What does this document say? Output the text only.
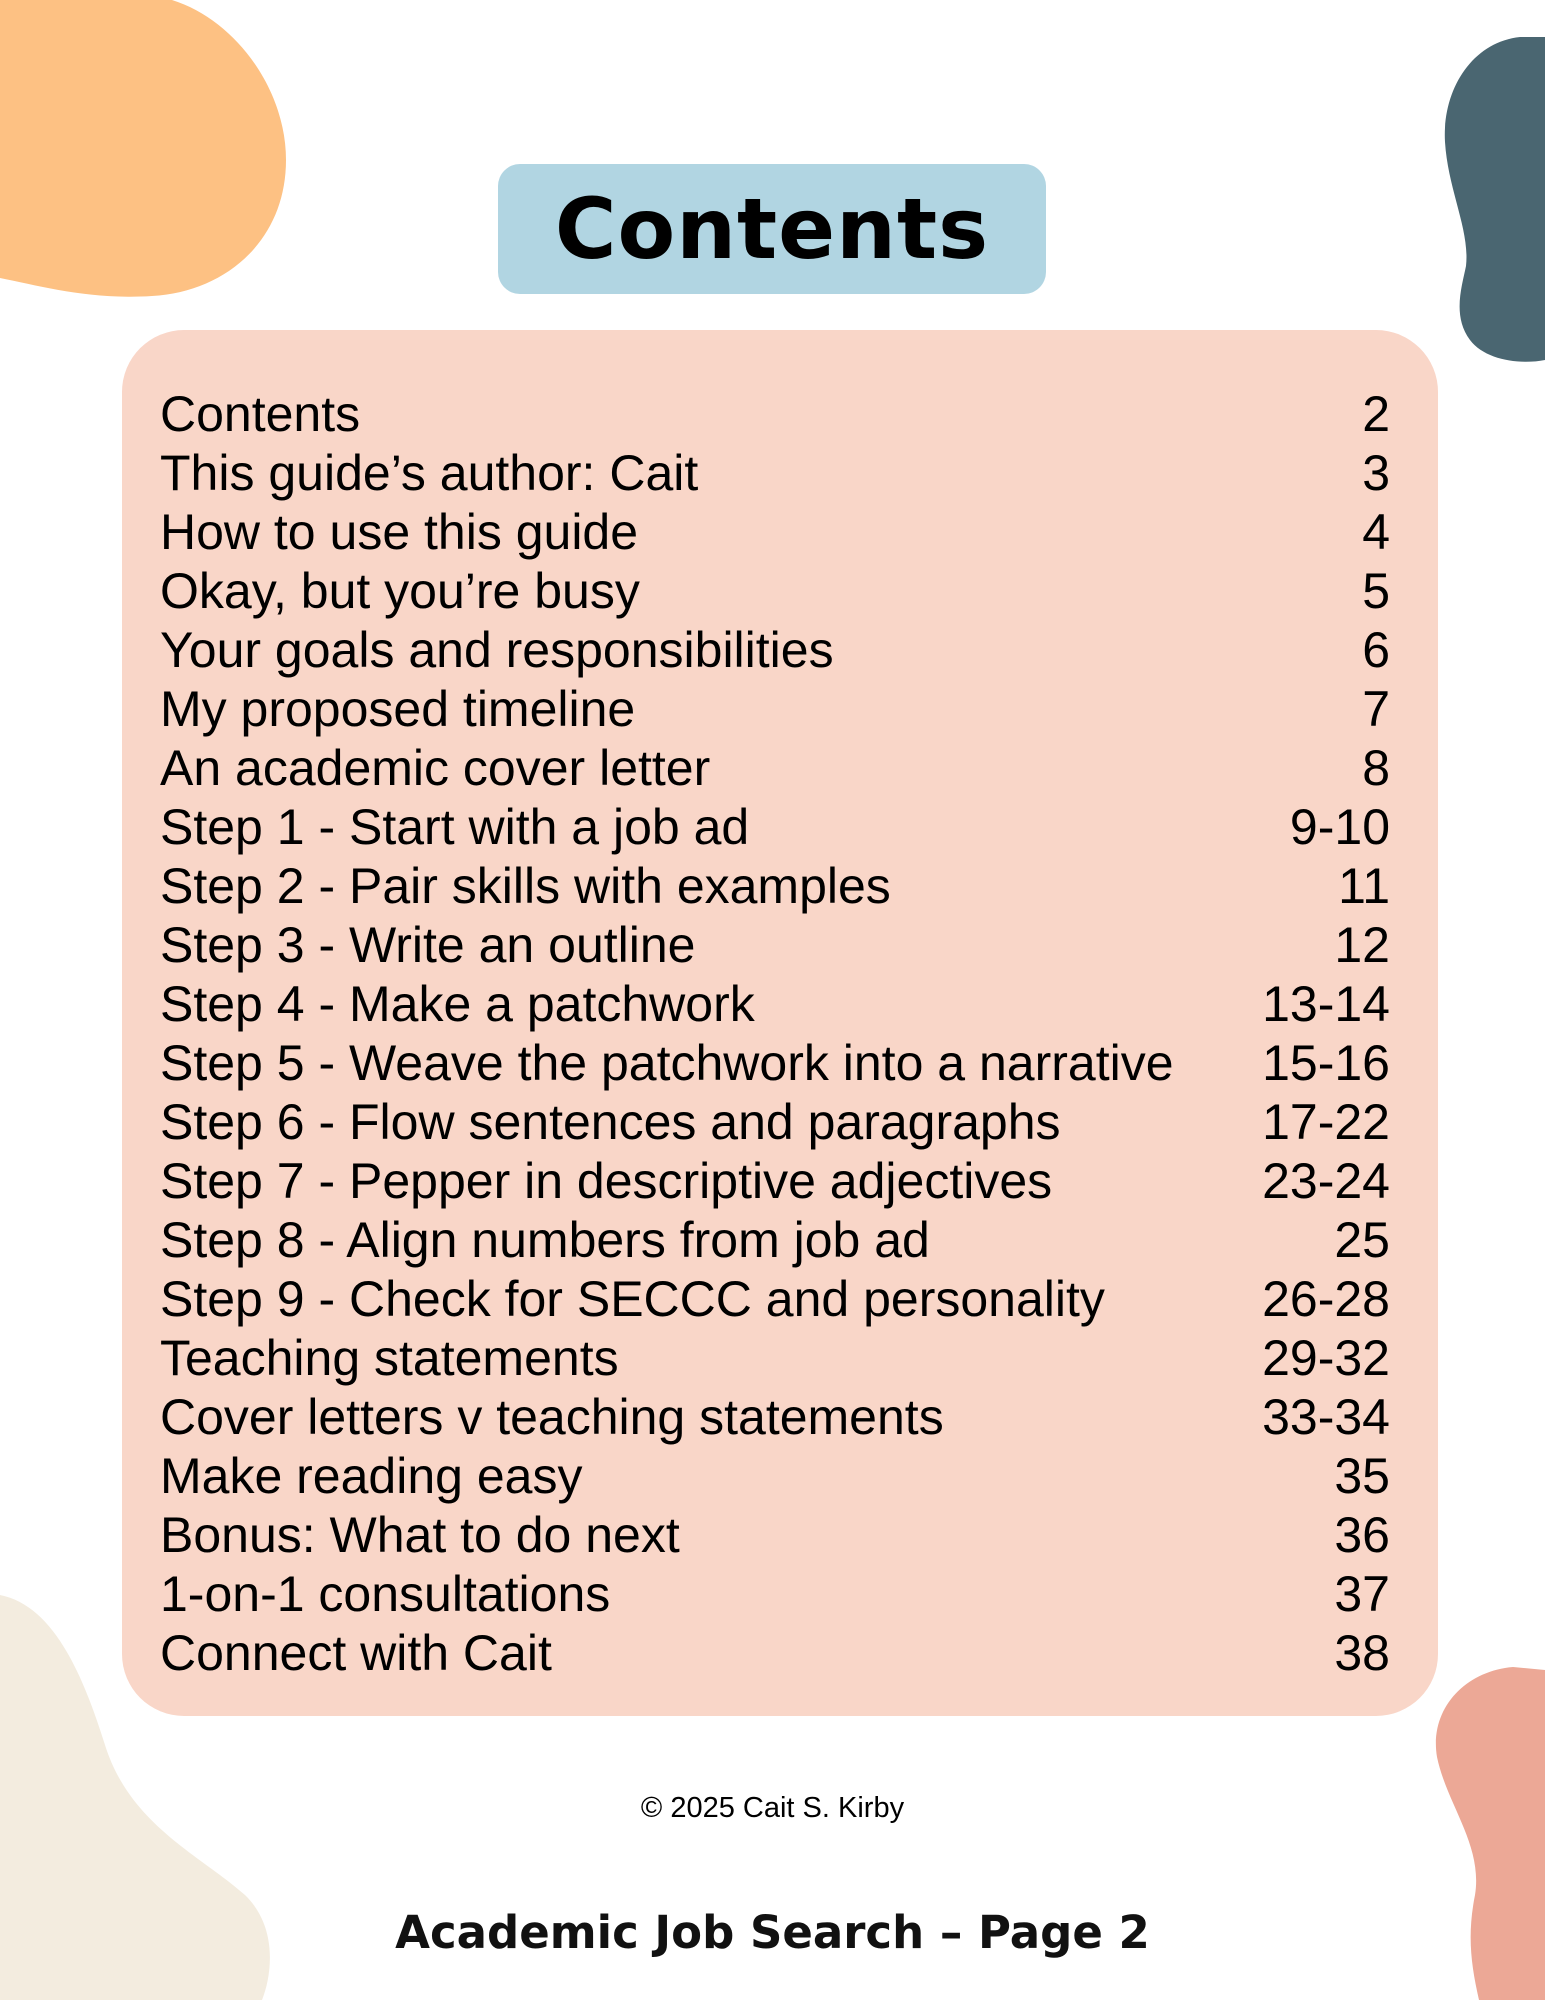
Contents
Contents	2
This guide’s author: Cait	3
How to use this guide	4
Okay, but you’re busy	5
Your goals and responsibilities	6
My proposed timeline	7
An academic cover letter	8
Step 1 - Start with a job ad	9-10
Step 2 - Pair skills with examples	11
Step 3 - Write an outline	12
Step 4 - Make a patchwork	13-14
Step 5 - Weave the patchwork into a narrative 15-16
Step 6 - Flow sentences and paragraphs	17-22
Step 7 - Pepper in descriptive adjectives	23-24
Step 8 - Align numbers from job ad	25
Step 9 - Check for SECCC and personality	26-28
Teaching statements	29-32
Cover letters v teaching statements	33-34
Make reading easy	35
Bonus: What to do next	36
1-on-1 consultations	37
Connect with Cait	38
© 2025 Cait S. Kirby
Academic Job Search – Page 2
